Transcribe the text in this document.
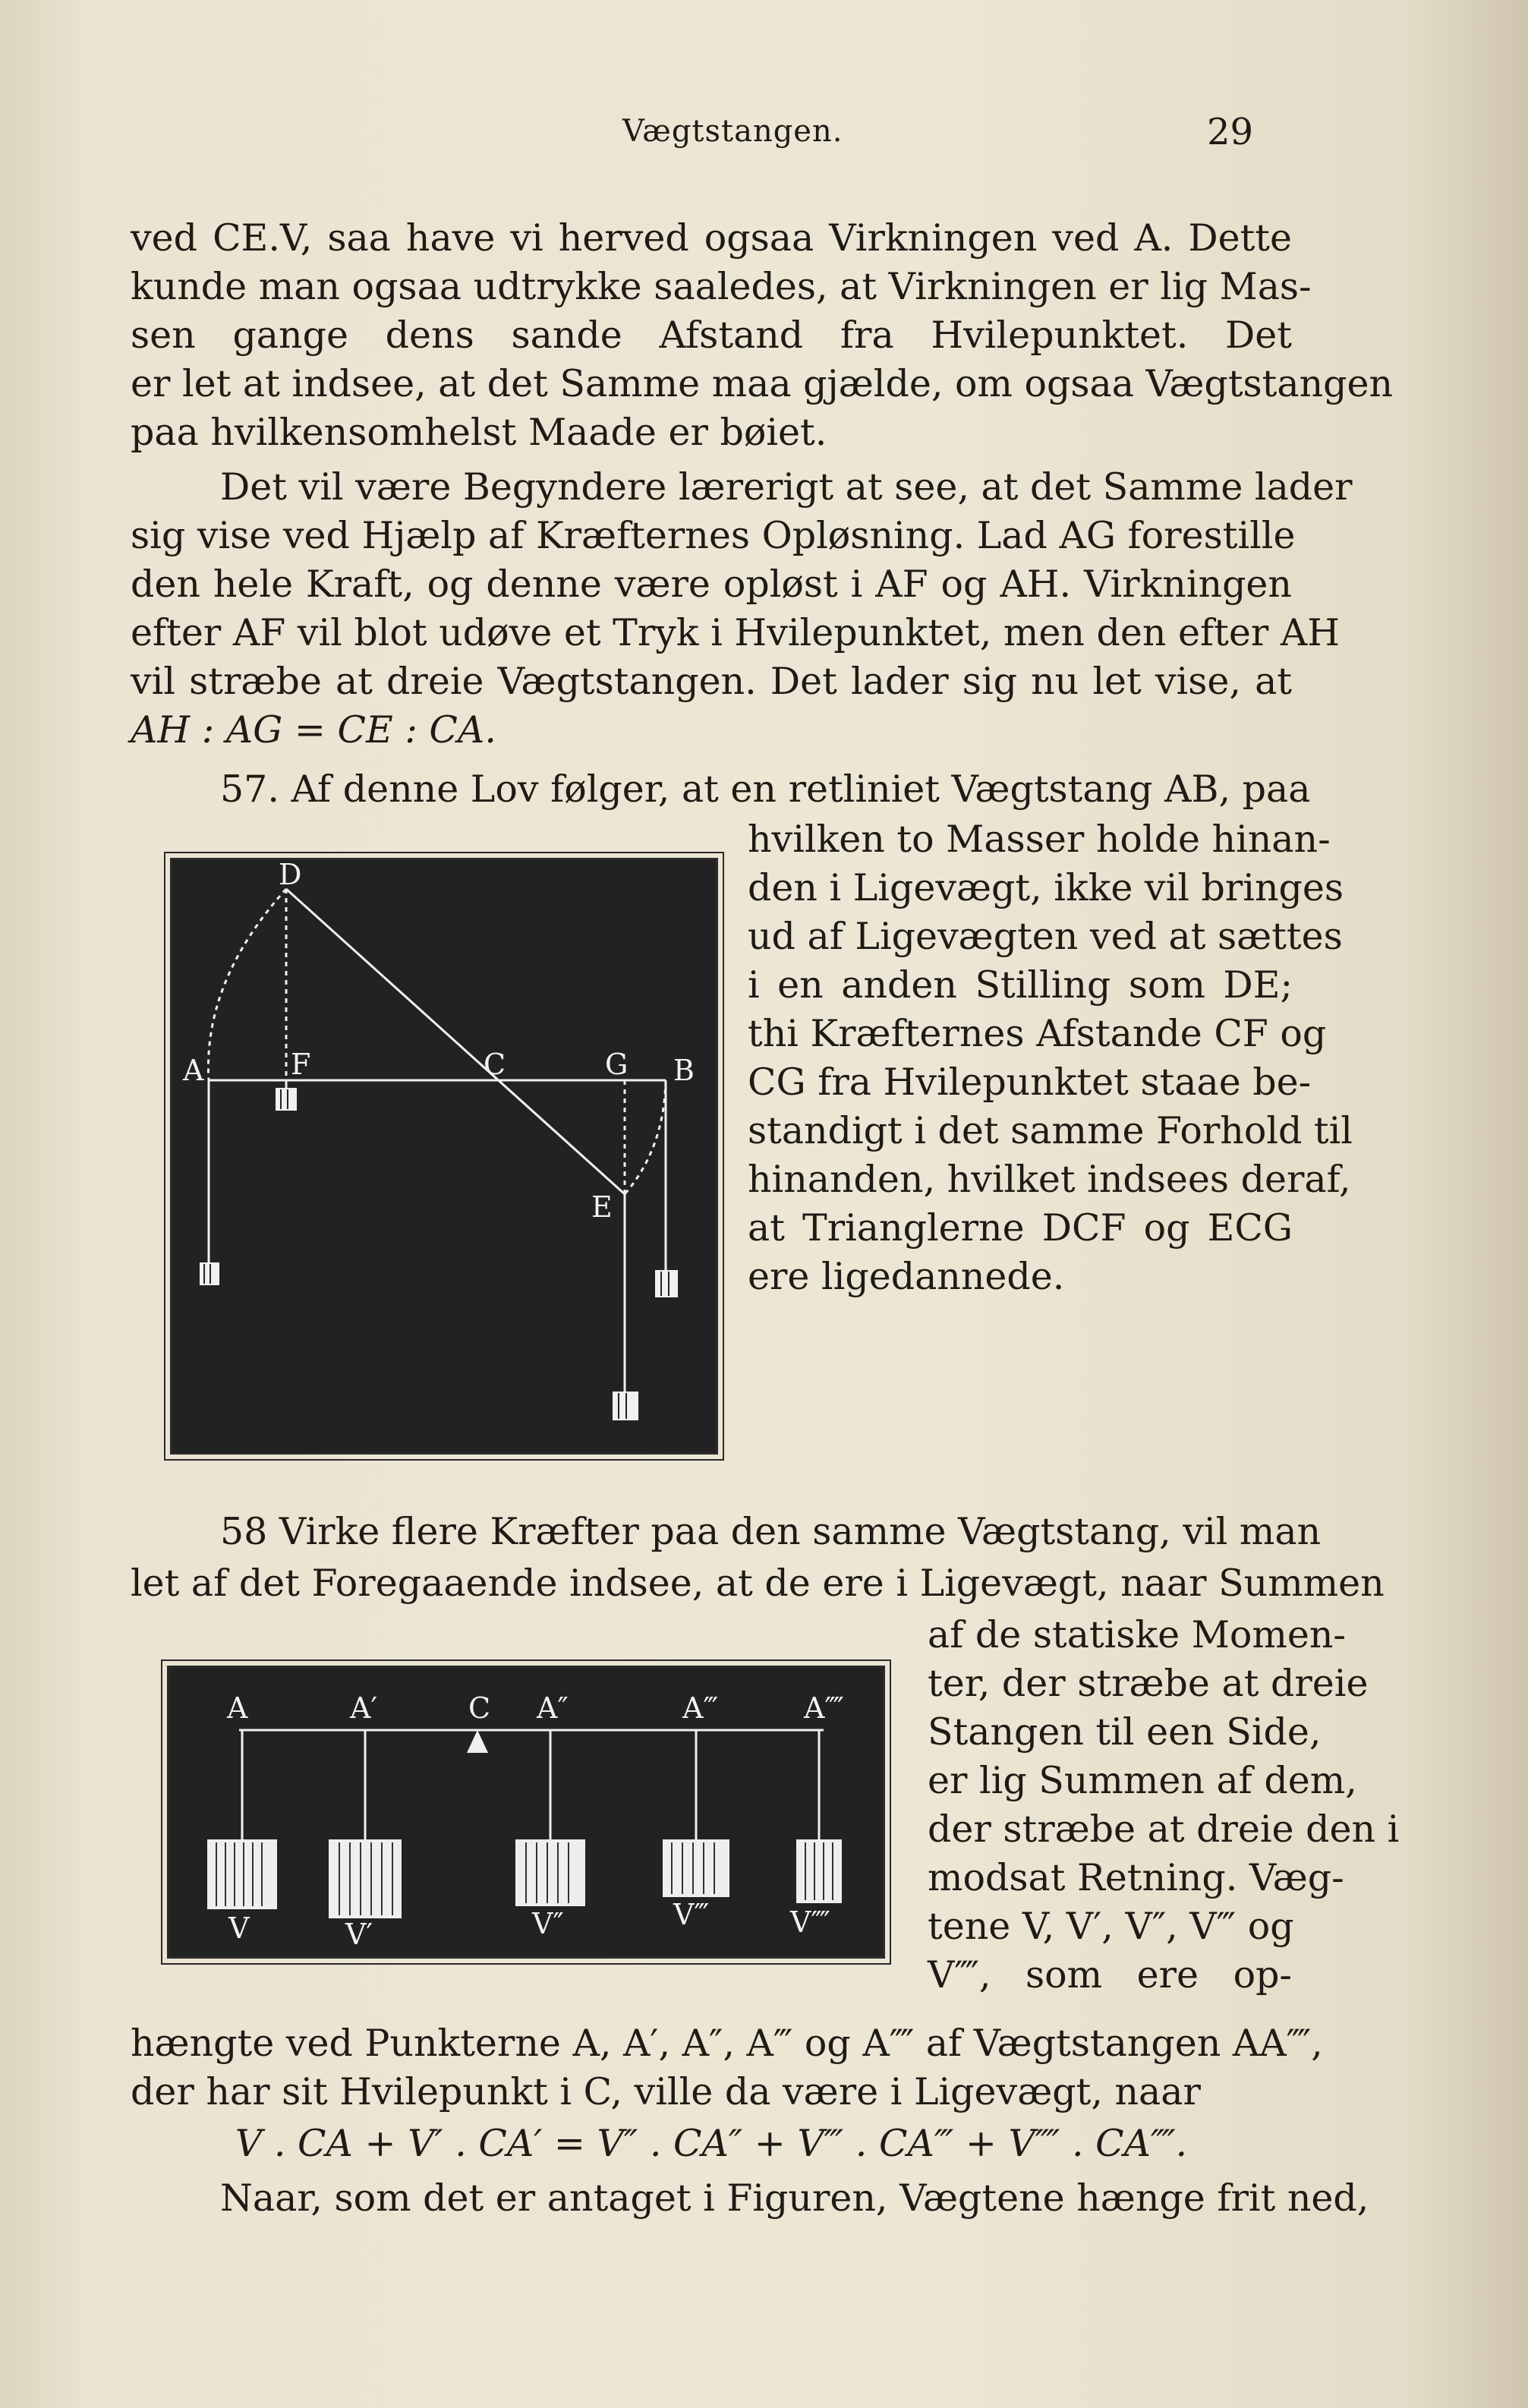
Vægtstangen.	29
ved CE.V, saa have vi herved ogsaa Virkningen ved A. Dette
kunde man ogsaa udtrykke saaledes, at Virkningen er lig Mas-
sen gange dens sande Afstand fra Hvilepunktet. Det
er let at indsee, at det Samme maa gjælde, om ogsaa Vægtstangen
paa hvilkensomhelst Maade er bøiet.
Det vil være Begyndere lærerigt at see, at det Samme lader
sig vise ved Hjælp af Kræfternes Opløsning. Lad AG forestille
den hele Kraft, og denne være opløst i AF og AH. Virkningen
efter AF vil blot udøve et Tryk i Hvilepunktet, men den efter AH
vil stræbe at dreie Vægtstangen. Det lader sig nu let vise, at
AH : AG = CE : CA.
57. Af denne Lov følger, at en retliniet Vægtstang AB, paa
D
A	F	C	G B
E
hvilken to Masser holde hinan-
den i Ligevægt, ikke vil bringes
ud af Ligevægten ved at sættes
i en anden Stilling som DE;
thi Kræfternes Afstande CF og
CG fra Hvilepunktet staae be-
standigt i det samme Forhold til
hinanden, hvilket indsees deraf,
at Trianglerne DCF og ECG
ere ligedannede.
58 Virke flere Kræfter paa den samme Vægtstang, vil man
let af det Foregaaende indsee, at de ere i Ligevægt, naar Summen
A	A′	C A″	A‴	A⁗
V	V′	V″	V‴	V⁗
af de statiske Momen-
ter, der stræbe at dreie
Stangen til een Side,
er lig Summen af dem,
der stræbe at dreie den i
modsat Retning. Væg-
tene V, V′, V″, V‴ og
V⁗, som ere op-
hængte ved Punkterne A, A′, A″, A‴ og A⁗ af Vægtstangen AA⁗,
der har sit Hvilepunkt i C, ville da være i Ligevægt, naar
V . CA + V′ . CA′ = V″ . CA″ + V‴ . CA‴ + V⁗ . CA⁗.
Naar, som det er antaget i Figuren, Vægtene hænge frit ned,
